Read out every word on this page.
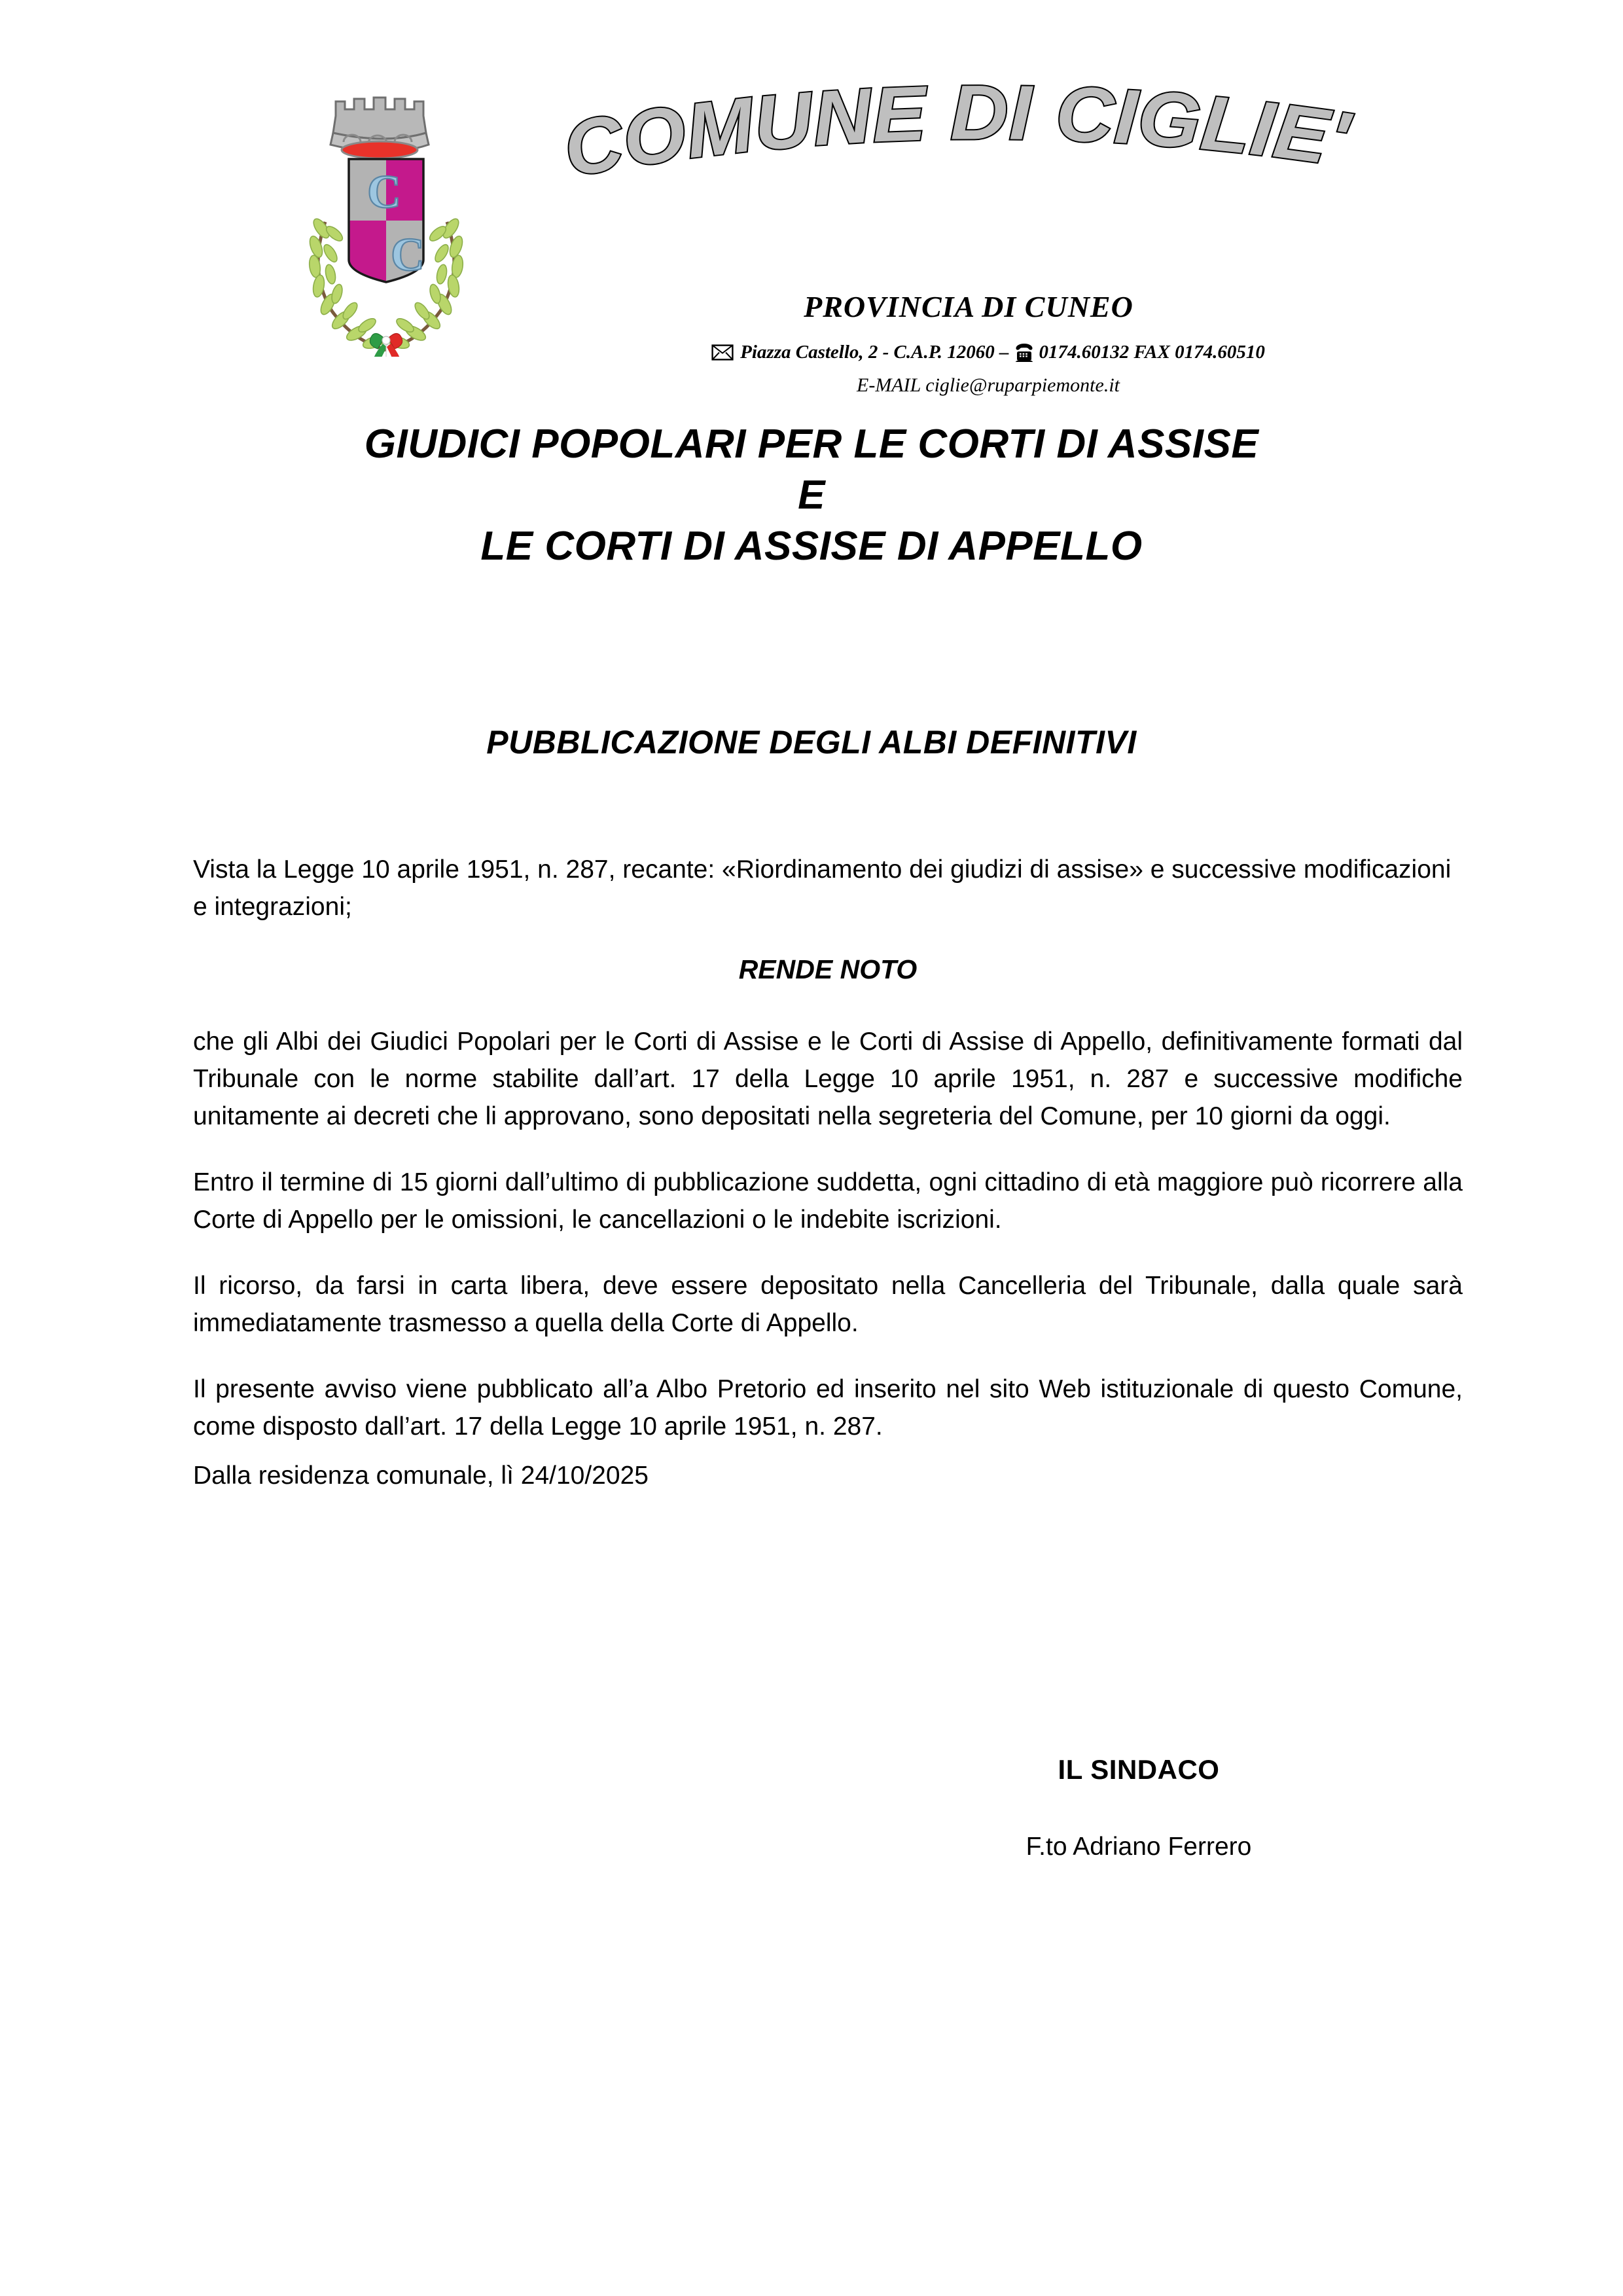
C
C
COMUNE DI CIGLIE'
PROVINCIA DI CUNEO
Piazza Castello, 2 - C.A.P. 12060 – 0174.60132 FAX 0174.60510
E-MAIL ciglie@ruparpiemonte.it
GIUDICI POPOLARI PER LE CORTI DI ASSISE
E
LE CORTI DI ASSISE DI APPELLO
PUBBLICAZIONE DEGLI ALBI DEFINITIVI

Vista la Legge 10 aprile 1951, n. 287, recante: «Riordinamento dei giudizi di assise» e successive modificazioni e integrazioni;

RENDE NOTO

che gli Albi dei Giudici Popolari per le Corti di Assise e le Corti di Assise di Appello, definitivamente formati dal Tribunale con le norme stabilite dall’art. 17 della Legge 10 aprile 1951, n. 287 e successive modifiche unitamente ai decreti che li approvano, sono depositati nella segreteria del Comune, per 10 giorni da oggi.

Entro il termine di 15 giorni dall’ultimo di pubblicazione suddetta, ogni cittadino di età maggiore può ricorrere alla Corte di Appello per le omissioni, le cancellazioni o le indebite iscrizioni.

Il ricorso, da farsi in carta libera, deve essere depositato nella Cancelleria del Tribunale, dalla quale sarà immediatamente trasmesso a quella della Corte di Appello.

Il presente avviso viene pubblicato all’a Albo Pretorio ed inserito nel sito Web istituzionale di questo Comune, come disposto dall’art. 17 della Legge 10 aprile 1951, n. 287.

Dalla residenza comunale, lì 24/10/2025
IL SINDACO
F.to Adriano Ferrero
